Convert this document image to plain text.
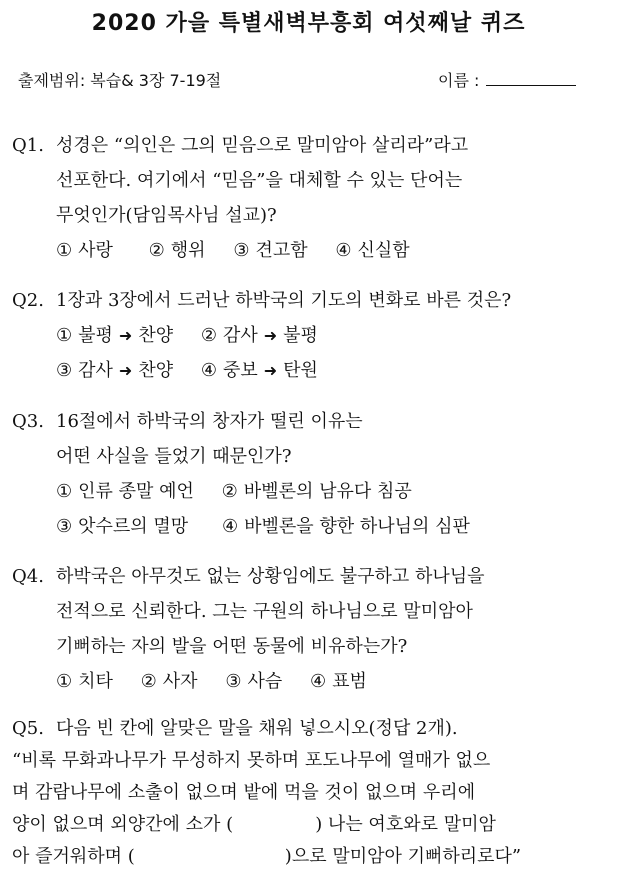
2020 가을 특별새벽부흥회 여섯째날 퀴즈
출제범위: 복습& 3장 7-19절	이름 :
Q1. 성경은 “의인은 그의 믿음으로 말미암아 살리라”라고
선포한다. 여기에서 “믿음”을 대체할 수 있는 단어는
무엇인가(담임목사님 설교)?
① 사랑 ② 행위 ③ 견고함 ④ 신실함
Q2. 1장과 3장에서 드러난 하박국의 기도의 변화로 바른 것은?
① 불평 ➜ 찬양 ② 감사 ➜ 불평
③ 감사 ➜ 찬양 ④ 중보 ➜ 탄원
Q3. 16절에서 하박국의 창자가 떨린 이유는
어떤 사실을 들었기 때문인가?
① 인류 종말 예언 ② 바벨론의 남유다 침공
③ 앗수르의 멸망 ④ 바벨론을 향한 하나님의 심판
Q4. 하박국은 아무것도 없는 상황임에도 불구하고 하나님을
전적으로 신뢰한다. 그는 구원의 하나님으로 말미암아
기뻐하는 자의 발을 어떤 동물에 비유하는가?
① 치타 ② 사자 ③ 사슴 ④ 표범
Q5. 다음 빈 칸에 알맞은 말을 채워 넣으시오(정답 2개).
“비록 무화과나무가 무성하지 못하며 포도나무에 열매가 없으
며 감람나무에 소출이 없으며 밭에 먹을 것이 없으며 우리에
양이 없으며 외양간에 소가 (	) 나는 여호와로 말미암
아 즐거워하며 (	)으로 말미암아 기뻐하리로다”
